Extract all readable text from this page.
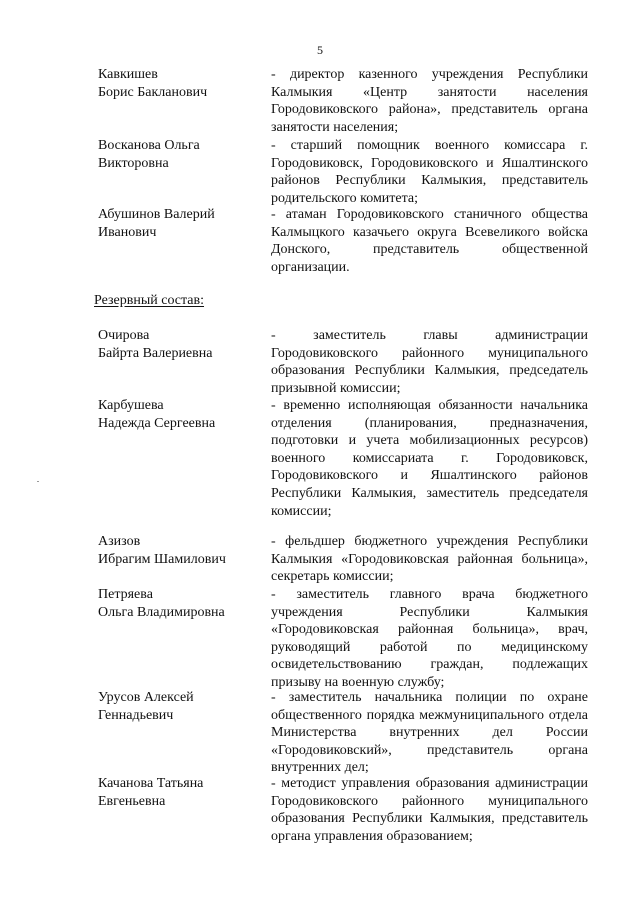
5
Кавкишев
Борис Бакланович
- директор казенного учреждения Республики Калмыкия «Центр занятости населения Городовиковского района», представитель органа занятости населения;
Восканова Ольга
Викторовна
- старший помощник военного комиссара г. Городовиковск, Городовиковского и Яшалтинского районов Республики Калмыкия, представитель родительского комитета;
Абушинов Валерий
Иванович
- атаман Городовиковского станичного общества Калмыцкого казачьего округа Всевеликого войска Донского, представитель общественной организации.
Резервный состав:
Очирова
Байрта Валериевна
- заместитель главы администрации Городовиковского районного муниципального образования Республики Калмыкия, председатель призывной комиссии;
Карбушева
Надежда Сергеевна
- временно исполняющая обязанности начальника отделения (планирования, предназначения, подготовки и учета мобилизационных ресурсов) военного комиссариата г. Городовиковск, Городовиковского и Яшалтинского районов Республики Калмыкия, заместитель председателя комиссии;
Азизов
Ибрагим Шамилович
- фельдшер бюджетного учреждения Республики Калмыкия «Городовиковская районная больница», секретарь комиссии;
Петряева
Ольга Владимировна
- заместитель главного врача бюджетного учреждения Республики Калмыкия «Городовиковская районная больница», врач, руководящий работой по медицинскому освидетельствованию граждан, подлежащих призыву на военную службу;
Урусов Алексей
Геннадьевич
- заместитель начальника полиции по охране общественного порядка межмуниципального отдела Министерства внутренних дел России «Городовиковский», представитель органа внутренних дел;
Качанова Татьяна
Евгеньевна
- методист управления образования администрации Городовиковского районного муниципального образования Республики Калмыкия, представитель органа управления образованием;
